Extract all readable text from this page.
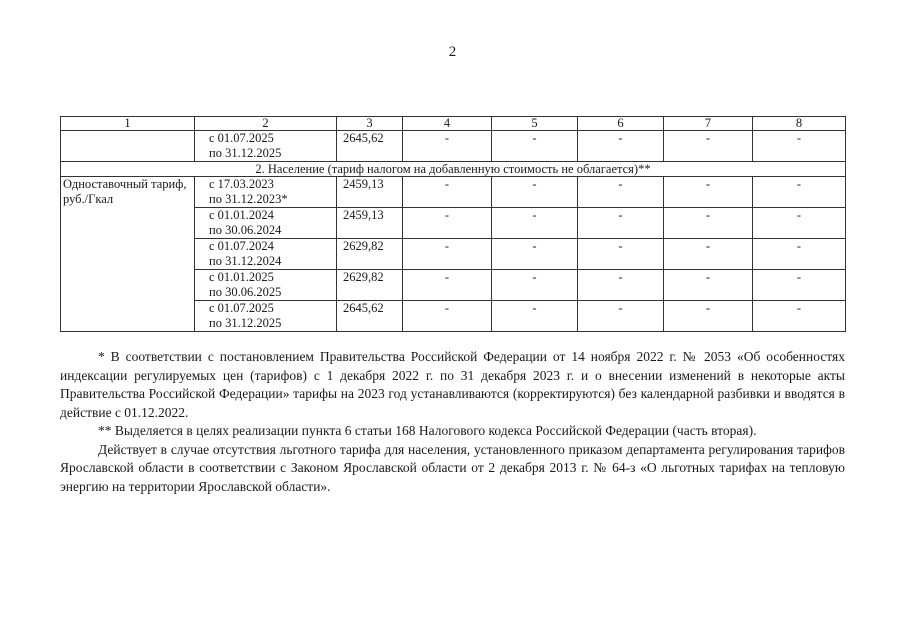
2
1	2	3	4	5	6	7	8
	с 01.07.2025
по 31.12.2025	2645,62	-	-	-	-	-
2. Население (тариф налогом на добавленную стоимость не облагается)**							
Одноставочный тариф,
руб./Гкал	с 17.03.2023
по 31.12.2023*	2459,13	-	-	-	-	-
	с 01.01.2024
по 30.06.2024	2459,13	-	-	-	-	-
	с 01.07.2024
по 31.12.2024	2629,82	-	-	-	-	-
	с 01.01.2025
по 30.06.2025	2629,82	-	-	-	-	-
	с 01.07.2025
по 31.12.2025	2645,62	-	-	-	-	-

* В соответствии с постановлением Правительства Российской Федерации от 14 ноября 2022 г. № 2053 «Об особенностях индексации регулируемых цен (тарифов) с 1 декабря 2022 г. по 31 декабря 2023 г. и о внесении изменений в некоторые акты Правительства Российской Федерации» тарифы на 2023 год устанавливаются (корректируются) без календарной разбивки и вводятся в действие с 01.12.2022.

** Выделяется в целях реализации пункта 6 статьи 168 Налогового кодекса Российской Федерации (часть вторая).

Действует в случае отсутствия льготного тарифа для населения, установленного приказом департамента регулирования тарифов Ярославской области в соответствии с Законом Ярославской области от 2 декабря 2013 г. № 64-з «О льготных тарифах на тепловую энергию на территории Ярославской области».
